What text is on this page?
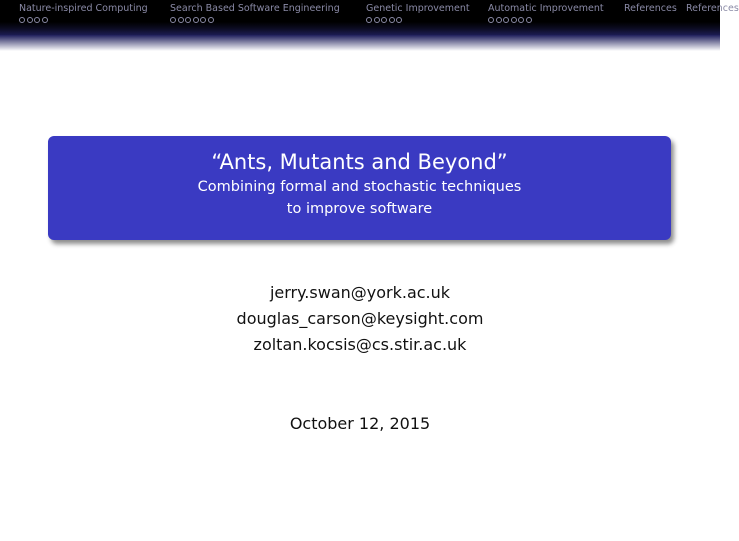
Nature-inspired Computing Search Based Software Engineering	Genetic Improvement Automatic Improvement References References
“Ants, Mutants and Beyond”
Combining formal and stochastic techniques
to improve software
jerry.swan@york.ac.uk
douglas_carson@keysight.com
zoltan.kocsis@cs.stir.ac.uk
October 12, 2015
